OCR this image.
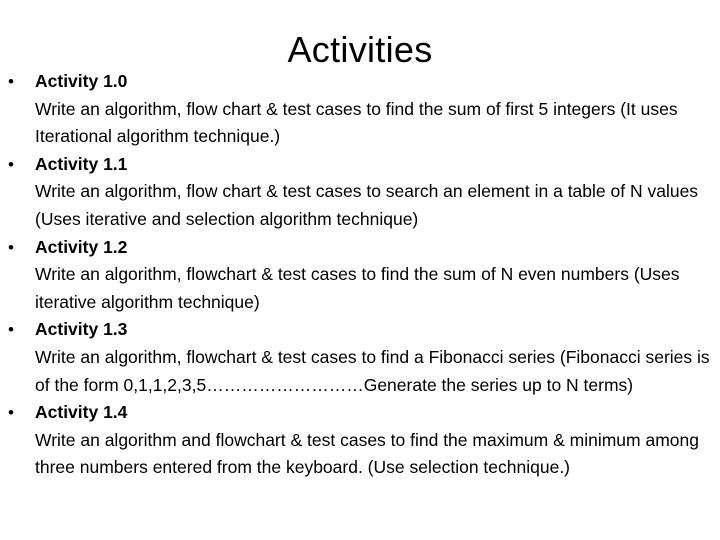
Activities
• Activity 1.0
Write an algorithm, flow chart & test cases to find the sum of first 5 integers (It uses Iterational algorithm technique.)
• Activity 1.1
Write an algorithm, flow chart & test cases to search an element in a table of N values (Uses iterative and selection algorithm technique)
• Activity 1.2
Write an algorithm, flowchart & test cases to find the sum of N even numbers (Uses iterative algorithm technique)
• Activity 1.3
Write an algorithm, flowchart & test cases to find a Fibonacci series (Fibonacci series is of the form 0,1,1,2,3,5………………………Generate the series up to N terms)
• Activity 1.4
Write an algorithm and flowchart & test cases to find the maximum & minimum among three numbers entered from the keyboard. (Use selection technique.)
